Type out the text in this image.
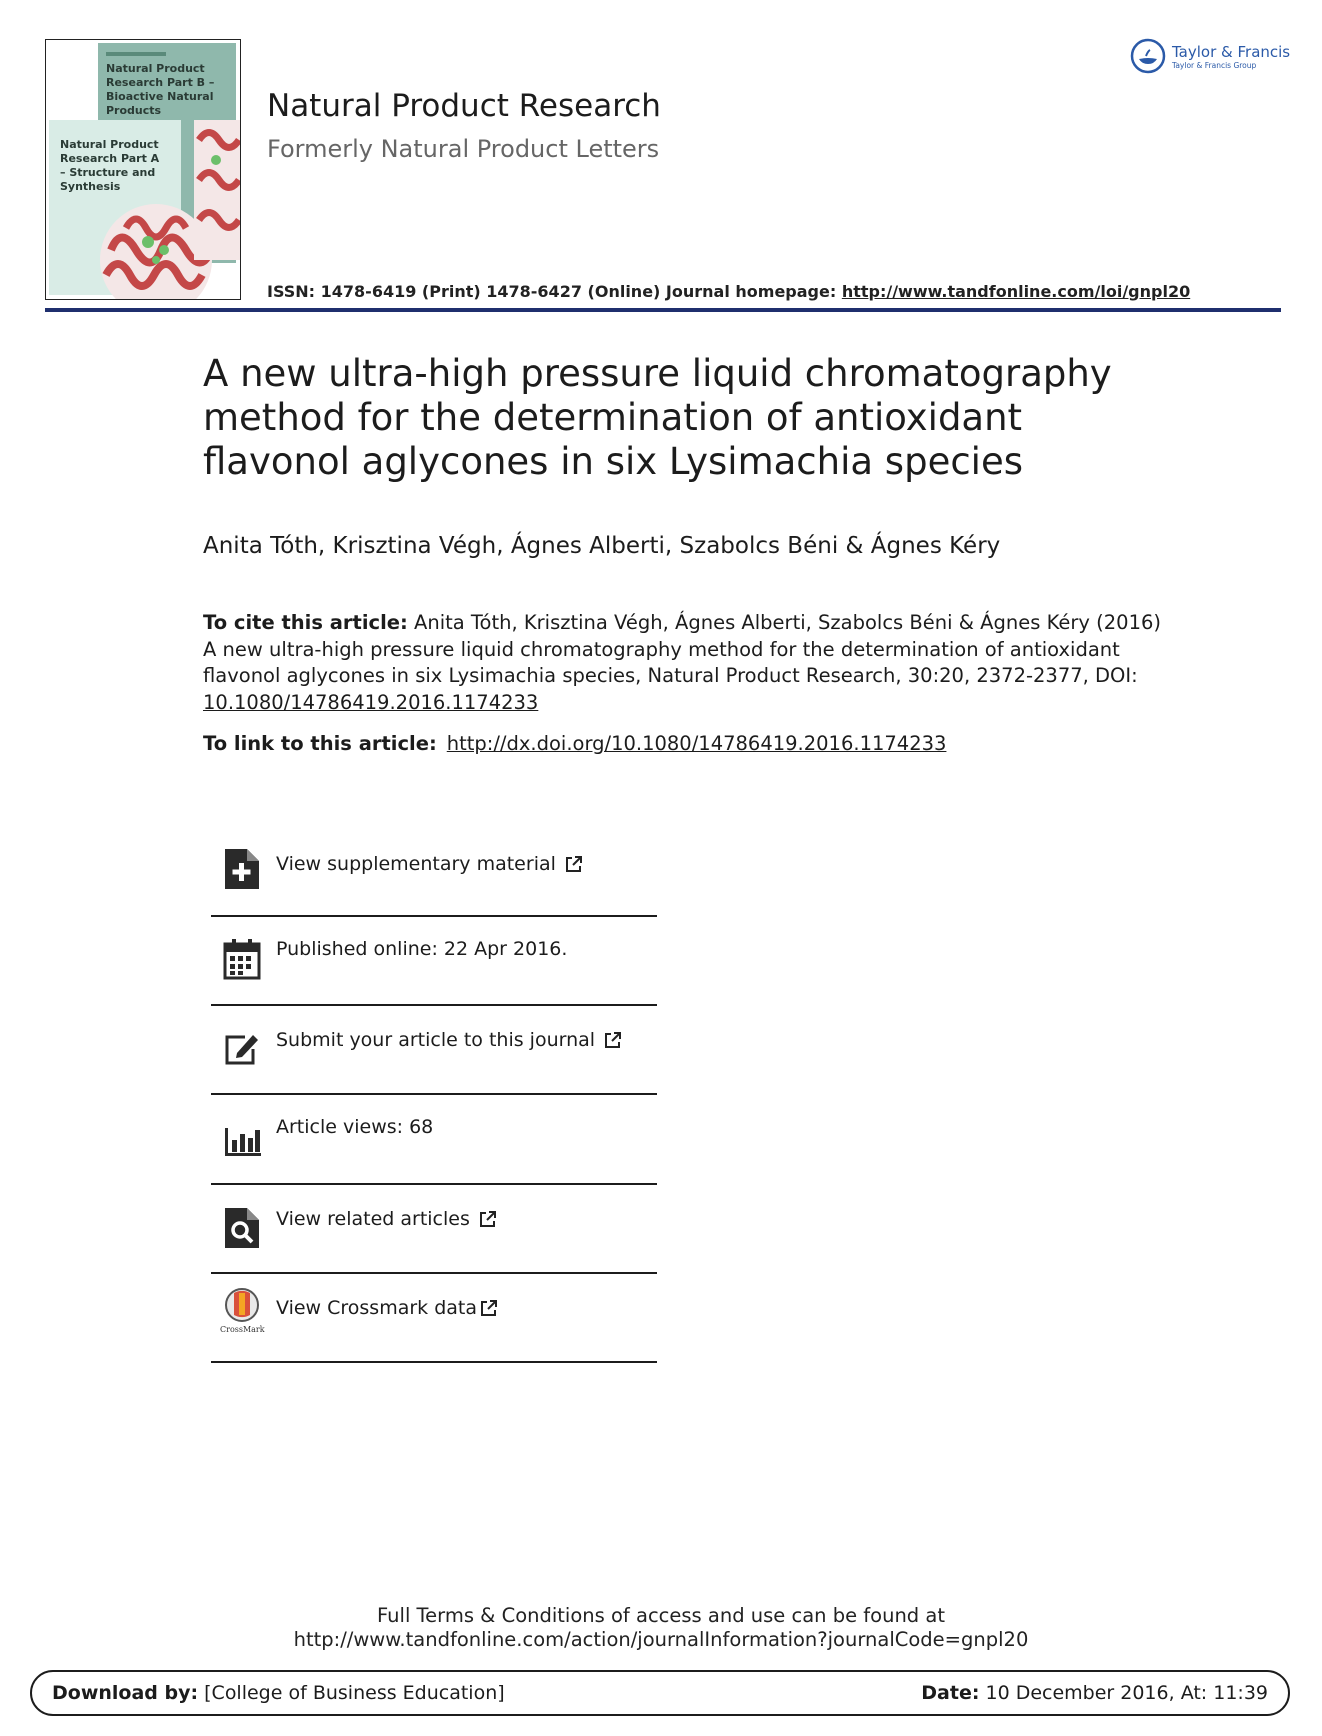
Natural Product Research Part B – Bioactive Natural Products
Natural Product Research Part A – Structure and Synthesis
Natural Product Research
Formerly Natural Product Letters
ISSN: 1478-6419 (Print) 1478-6427 (Online) Journal homepage: http://www.tandfonline.com/loi/gnpl20
Taylor & Francis
Taylor & Francis Group
A new ultra-high pressure liquid chromatography
method for the determination of antioxidant
flavonol aglycones in six Lysimachia species
Anita Tóth, Krisztina Végh, Ágnes Alberti, Szabolcs Béni & Ágnes Kéry
To cite this article: Anita Tóth, Krisztina Végh, Ágnes Alberti, Szabolcs Béni & Ágnes Kéry (2016) A new ultra-high pressure liquid chromatography method for the determination of antioxidant flavonol aglycones in six Lysimachia species, Natural Product Research, 30:20, 2372-2377, DOI: 10.1080/14786419.2016.1174233
To link to this article: http://dx.doi.org/10.1080/14786419.2016.1174233
View supplementary material
Published online: 22 Apr 2016.
Submit your article to this journal
Article views: 68
View related articles
CrossMark
View Crossmark data
Full Terms & Conditions of access and use can be found at
http://www.tandfonline.com/action/journalInformation?journalCode=gnpl20
Download by: [College of Business Education]	Date: 10 December 2016, At: 11:39
